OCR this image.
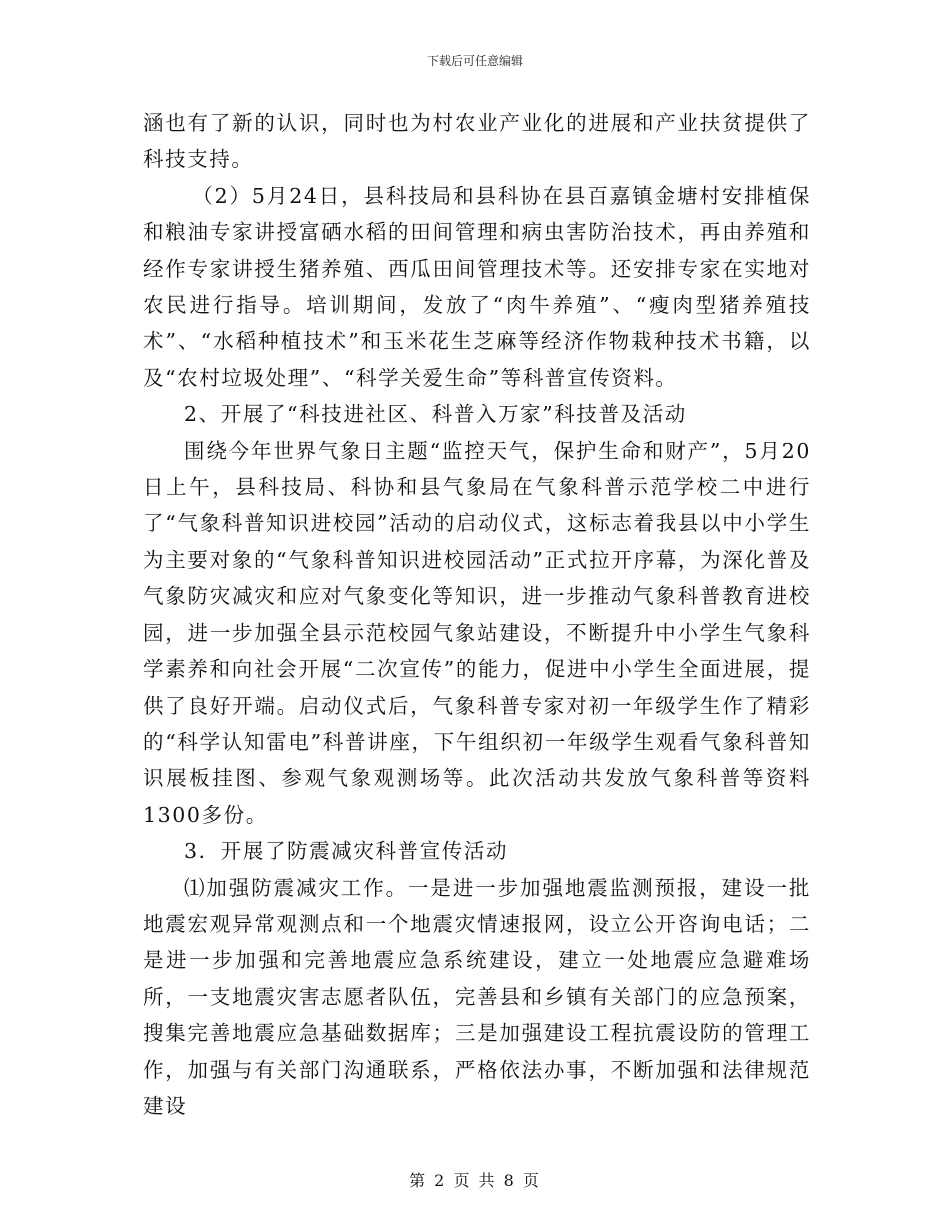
下载后可任意编辑

涵也有了新的认识，同时也为村农业产业化的进展和产业扶贫提供了科技支持。

（2）5月24日，县科技局和县科协在县百嘉镇金塘村安排植保和粮油专家讲授富硒水稻的田间管理和病虫害防治技术，再由养殖和经作专家讲授生猪养殖、西瓜田间管理技术等。还安排专家在实地对农民进行指导。培训期间，发放了“肉牛养殖”、“瘦肉型猪养殖技术”、“水稻种植技术”和玉米花生芝麻等经济作物栽种技术书籍，以及“农村垃圾处理”、“科学关爱生命”等科普宣传资料。

2、开展了“科技进社区、科普入万家”科技普及活动

围绕今年世界气象日主题“监控天气，保护生命和财产”，5月20日上午，县科技局、科协和县气象局在气象科普示范学校二中进行了“气象科普知识进校园”活动的启动仪式，这标志着我县以中小学生为主要对象的“气象科普知识进校园活动”正式拉开序幕，为深化普及气象防灾减灾和应对气象变化等知识，进一步推动气象科普教育进校园，进一步加强全县示范校园气象站建设，不断提升中小学生气象科学素养和向社会开展“二次宣传”的能力，促进中小学生全面进展，提供了良好开端。启动仪式后，气象科普专家对初一年级学生作了精彩的“科学认知雷电”科普讲座，下午组织初一年级学生观看气象科普知识展板挂图、参观气象观测场等。此次活动共发放气象科普等资料1300多份。

3．开展了防震减灾科普宣传活动

⑴加强防震减灾工作。一是进一步加强地震监测预报，建设一批地震宏观异常观测点和一个地震灾情速报网，设立公开咨询电话；二是进一步加强和完善地震应急系统建设，建立一处地震应急避难场所，一支地震灾害志愿者队伍，完善县和乡镇有关部门的应急预案，搜集完善地震应急基础数据库；三是加强建设工程抗震设防的管理工作，加强与有关部门沟通联系，严格依法办事，不断加强和法律规范建设

第 2 页 共 8 页
